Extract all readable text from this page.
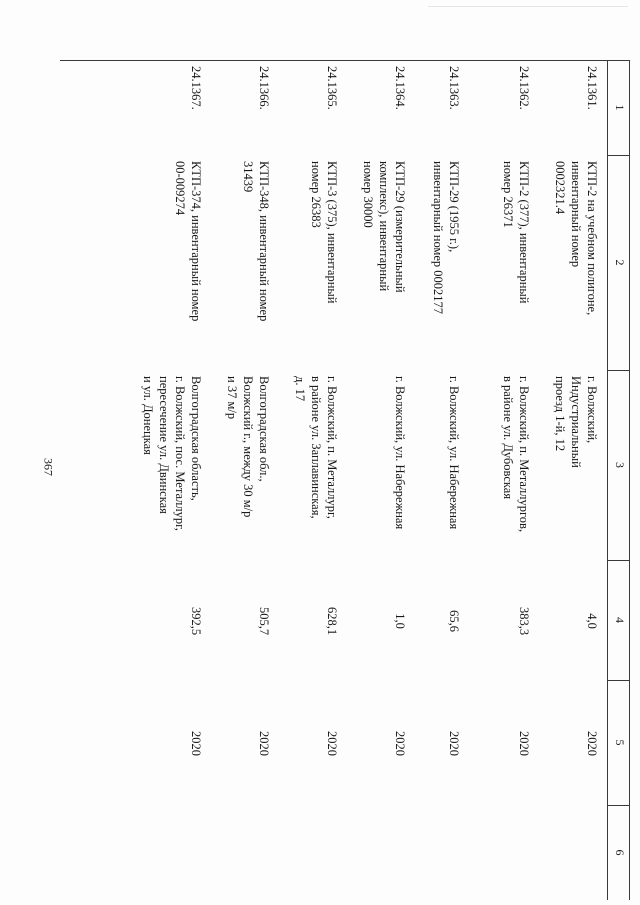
367
1
2
3
4
5
6
24.1361.
КТП-2 на учебном полигоне,
инвентарный номер
0002321.4
г. Волжский,
Индустриальный
проезд 1-й, 12
4,0
2020
24.1362.
КТП-2 (377), инвентарный
номер 26371
г. Волжский, п. Металлургов,
в районе ул. Дубовская
383,3
2020
24.1363.
КТП-29 (1955 г.),
инвентарный номер 0002177
г. Волжский, ул. Набережная
65,6
2020
24.1364.
КТП-29 (измерительный
комплекс), инвентарный
номер 30000
г. Волжский, ул. Набережная
1,0
2020
24.1365.
КТП-3 (375), инвентарный
номер 26383
г. Волжский, п. Металлург,
в районе ул. Заплавинская,
д. 17
628,1
2020
24.1366.
КТП-348, инвентарный номер
31439
Волгоградская обл.,
Волжский г., между 30 м/р
и 37 м/р
505,7
2020
24.1367.
КТП-374, инвентарный номер
00-009274
Волгоградская область,
г. Волжский, пос. Металлург,
пересечение ул. Двинская
и ул. Донецкая
392,5
2020
